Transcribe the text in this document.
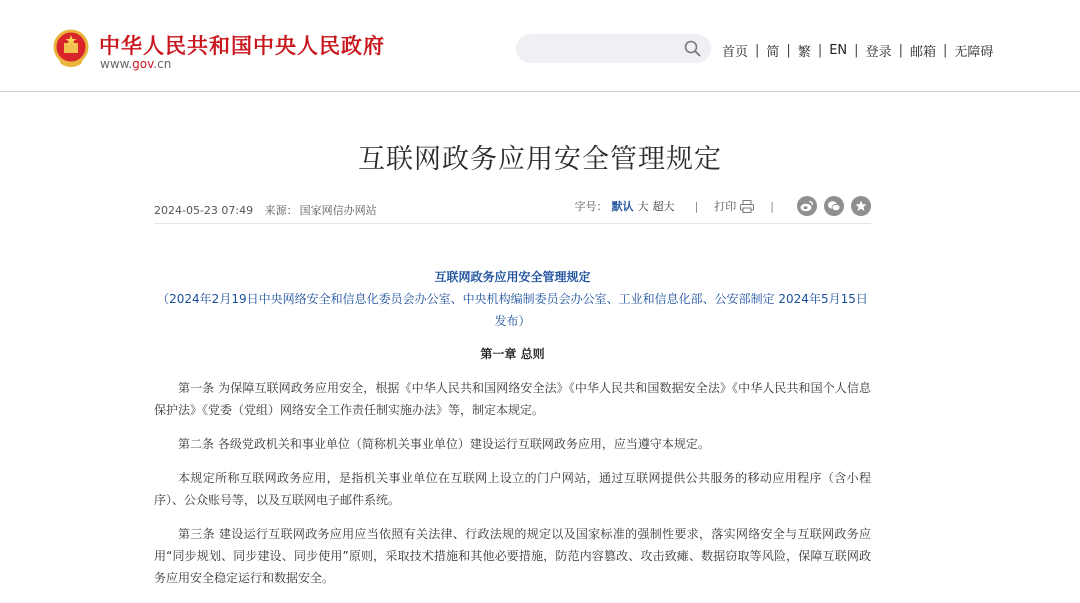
中华人民共和国中央人民政府
www.gov.cn
首页 | 简 | 繁 | EN | 登录 | 邮箱 | 无障碍
互联网政务应用安全管理规定
2024-05-23 07:49 来源： 国家网信办网站	字号： 默认 大 超大 | 打印	|
互联网政务应用安全管理规定
（2024年2月19日中央网络安全和信息化委员会办公室、中央机构编制委员会办公室、工业和信息化部、公安部制定 2024年5月15日
发布）
第一章 总则

第一条 为保障互联网政务应用安全，根据《中华人民共和国网络安全法》《中华人民共和国数据安全法》《中华人民共和国个人信息保护法》《党委（党组）网络安全工作责任制实施办法》等，制定本规定。

第二条 各级党政机关和事业单位（简称机关事业单位）建设运行互联网政务应用，应当遵守本规定。

本规定所称互联网政务应用，是指机关事业单位在互联网上设立的门户网站，通过互联网提供公共服务的移动应用程序（含小程序）、公众账号等，以及互联网电子邮件系统。

第三条 建设运行互联网政务应用应当依照有关法律、行政法规的规定以及国家标准的强制性要求，落实网络安全与互联网政务应用“同步规划、同步建设、同步使用”原则，采取技术措施和其他必要措施，防范内容篡改、攻击致瘫、数据窃取等风险，保障互联网政务应用安全稳定运行和数据安全。
